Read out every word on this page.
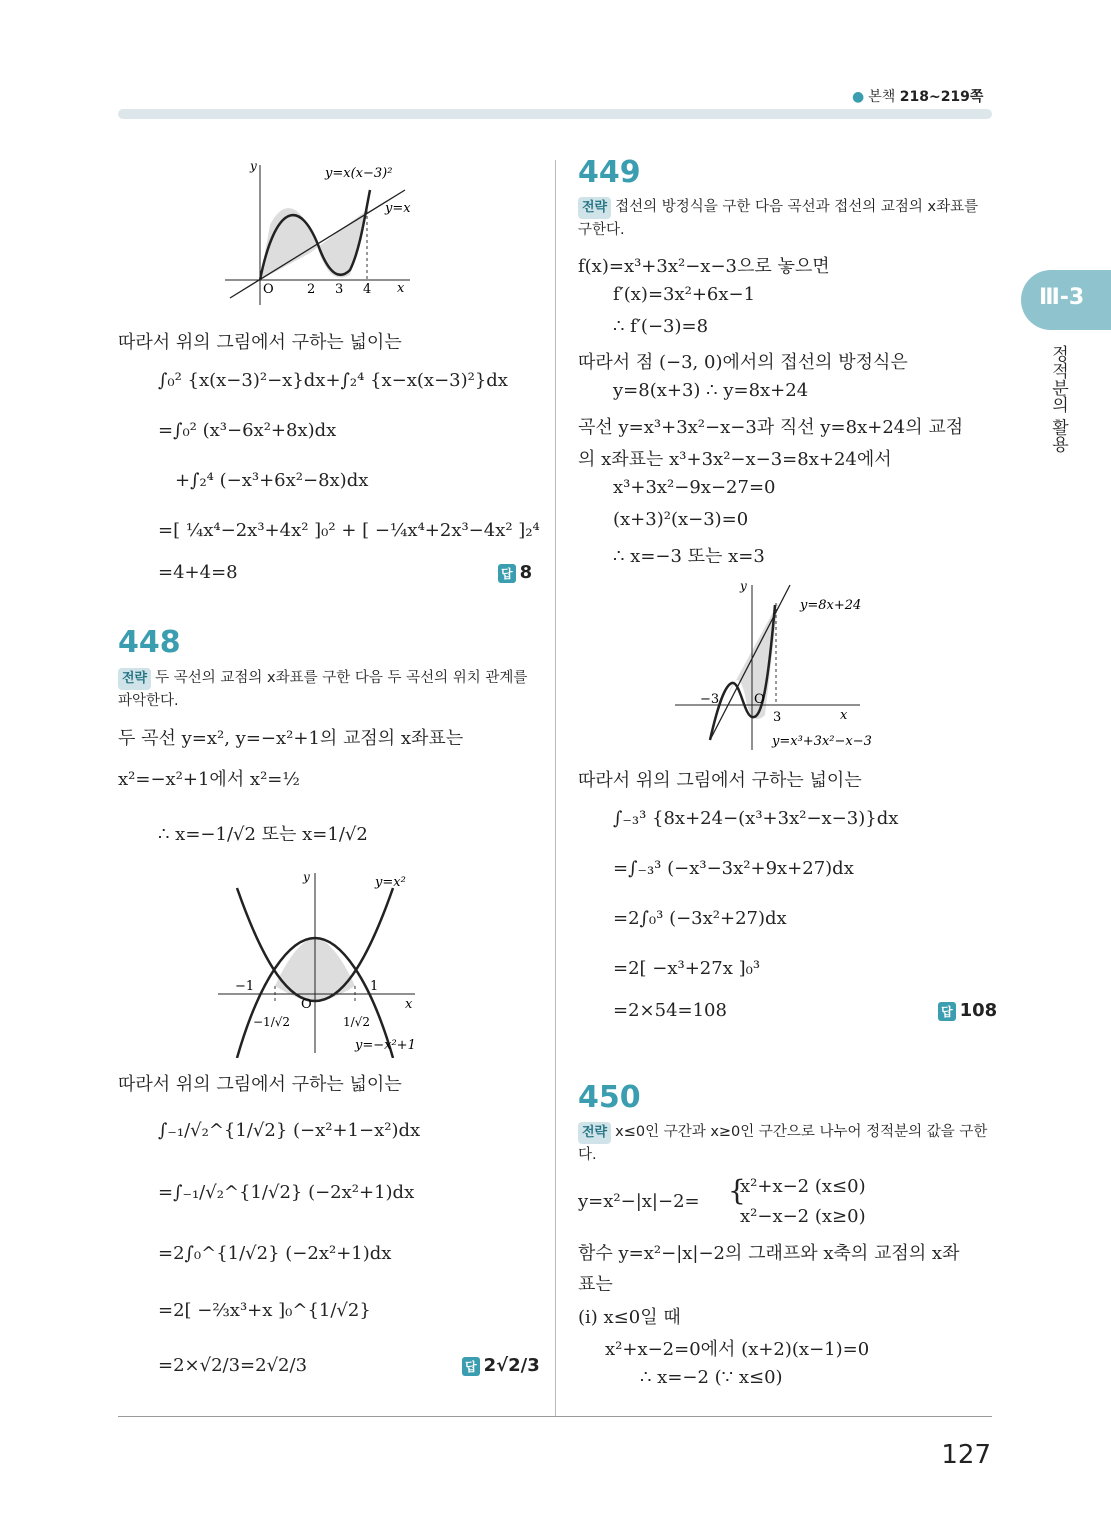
● 본책 218~219쪽
Ⅲ-3
정적분의 활용
127
y
x
O	2 3 4
y=x(x−3)²
y=x
따라서 위의 그림에서 구하는 넓이는
∫₀² {x(x−3)²−x}dx+∫₂⁴ {x−x(x−3)²}dx
=∫₀² (x³−6x²+8x)dx
+∫₂⁴ (−x³+6x²−8x)dx
=[ ¼x⁴−2x³+4x² ]₀² + [ −¼x⁴+2x³−4x² ]₂⁴
=4+4=8	답 8
448
전략 두 곡선의 교점의 x좌표를 구한 다음 두 곡선의 위치 관계를 파악한다.
두 곡선 y=x², y=−x²+1의 교점의 x좌표는
x²=−x²+1에서 x²=½
∴ x=−1/√2 또는 x=1/√2
y
x
O
−1	1
−1/√2	1/√2
y=x²
y=−x²+1
따라서 위의 그림에서 구하는 넓이는
∫₋₁/√₂^{1/√2} (−x²+1−x²)dx
=∫₋₁/√₂^{1/√2} (−2x²+1)dx
=2∫₀^{1/√2} (−2x²+1)dx
=2[ −⅔x³+x ]₀^{1/√2}
=2×√2/3=2√2/3	답 2√2/3
449
전략 접선의 방정식을 구한 다음 곡선과 접선의 교점의 x좌표를 구한다.
f(x)=x³+3x²−x−3으로 놓으면
f′(x)=3x²+6x−1
∴ f′(−3)=8
따라서 점 (−3, 0)에서의 접선의 방정식은
y=8(x+3) ∴ y=8x+24
곡선 y=x³+3x²−x−3과 직선 y=8x+24의 교점
의 x좌표는 x³+3x²−x−3=8x+24에서
x³+3x²−9x−27=0
(x+3)²(x−3)=0
∴ x=−3 또는 x=3
y
x
O
−3
3
y=8x+24
y=x³+3x²−x−3
따라서 위의 그림에서 구하는 넓이는
∫₋₃³ {8x+24−(x³+3x²−x−3)}dx
=∫₋₃³ (−x³−3x²+9x+27)dx
=2∫₀³ (−3x²+27)dx
=2[ −x³+27x ]₀³
=2×54=108	답 108
450
전략 x≤0인 구간과 x≥0인 구간으로 나누어 정적분의 값을 구한다.
y=x²−|x|−2= {
x²+x−2 (x≤0)
x²−x−2 (x≥0)
함수 y=x²−|x|−2의 그래프와 x축의 교점의 x좌
표는
(i) x≤0일 때
x²+x−2=0에서 (x+2)(x−1)=0
∴ x=−2 (∵ x≤0)
